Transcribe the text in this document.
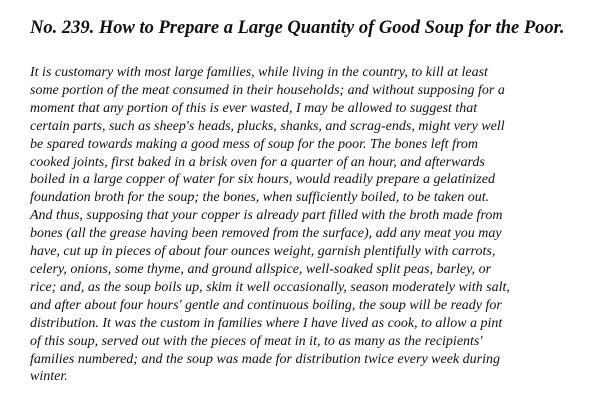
No. 239. How to Prepare a Large Quantity of Good Soup for the Poor.
It is customary with most large families, while living in the country, to kill at least
some portion of the meat consumed in their households; and without supposing for a
moment that any portion of this is ever wasted, I may be allowed to suggest that
certain parts, such as sheep's heads, plucks, shanks, and scrag-ends, might very well
be spared towards making a good mess of soup for the poor. The bones left from
cooked joints, first baked in a brisk oven for a quarter of an hour, and afterwards
boiled in a large copper of water for six hours, would readily prepare a gelatinized
foundation broth for the soup; the bones, when sufficiently boiled, to be taken out.
And thus, supposing that your copper is already part filled with the broth made from
bones (all the grease having been removed from the surface), add any meat you may
have, cut up in pieces of about four ounces weight, garnish plentifully with carrots,
celery, onions, some thyme, and ground allspice, well-soaked split peas, barley, or
rice; and, as the soup boils up, skim it well occasionally, season moderately with salt,
and after about four hours' gentle and continuous boiling, the soup will be ready for
distribution. It was the custom in families where I have lived as cook, to allow a pint
of this soup, served out with the pieces of meat in it, to as many as the recipients'
families numbered; and the soup was made for distribution twice every week during
winter.
